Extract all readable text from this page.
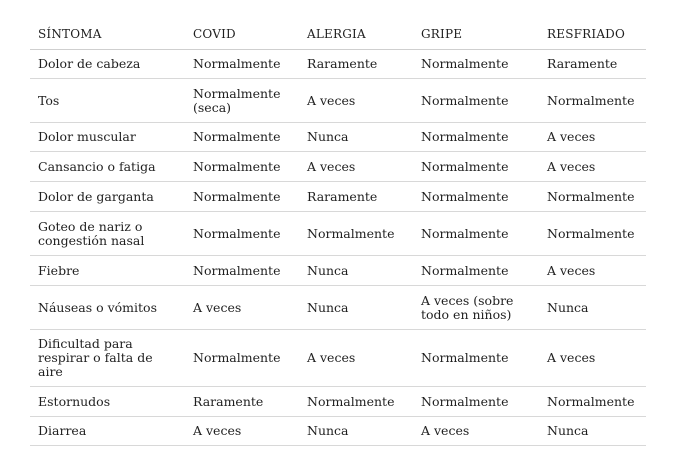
SÍNTOMA	COVID	ALERGIA	GRIPE	RESFRIADO
Dolor de cabeza	Normalmente	Raramente	Normalmente	Raramente
Tos	Normalmente (seca)	A veces	Normalmente	Normalmente
Dolor muscular	Normalmente	Nunca	Normalmente	A veces
Cansancio o fatiga	Normalmente	A veces	Normalmente	A veces
Dolor de garganta	Normalmente	Raramente	Normalmente	Normalmente
Goteo de nariz o congestión nasal	Normalmente	Normalmente	Normalmente	Normalmente
Fiebre	Normalmente	Nunca	Normalmente	A veces
Náuseas o vómitos	A veces	Nunca	A veces (sobre todo en niños)	Nunca
Dificultad para respirar o falta de aire	Normalmente	A veces	Normalmente	A veces
Estornudos	Raramente	Normalmente	Normalmente	Normalmente
Diarrea	A veces	Nunca	A veces	Nunca
